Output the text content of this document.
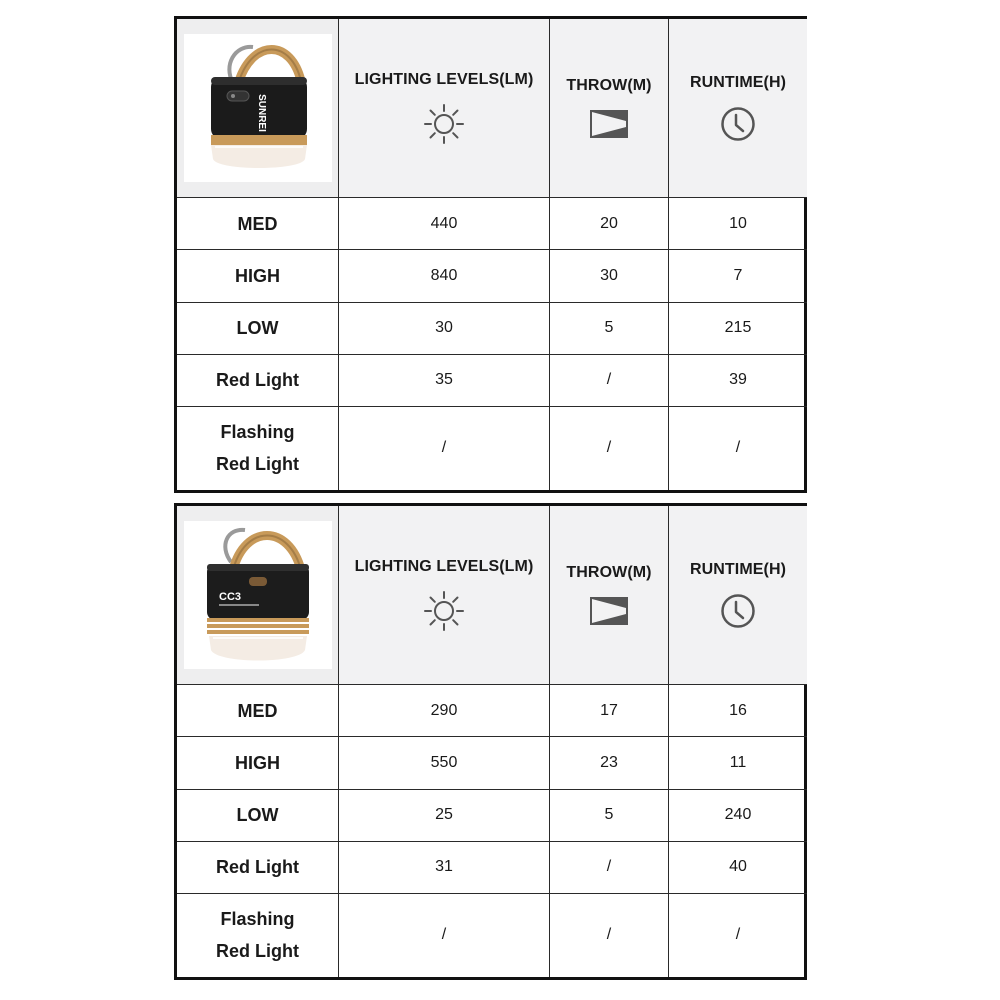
SUNREI	LIGHTING LEVELS(LM)	THROW(M)	RUNTIME(H)

MED	440	20	10
HIGH	840	30	7
LOW	30	5	215
Red Light	35	/	39
Flashing
Red Light	/	/	/
CC3	LIGHTING LEVELS(LM)	THROW(M)	RUNTIME(H)

MED	290	17	16
HIGH	550	23	11
LOW	25	5	240
Red Light	31	/	40
Flashing
Red Light	/	/	/
